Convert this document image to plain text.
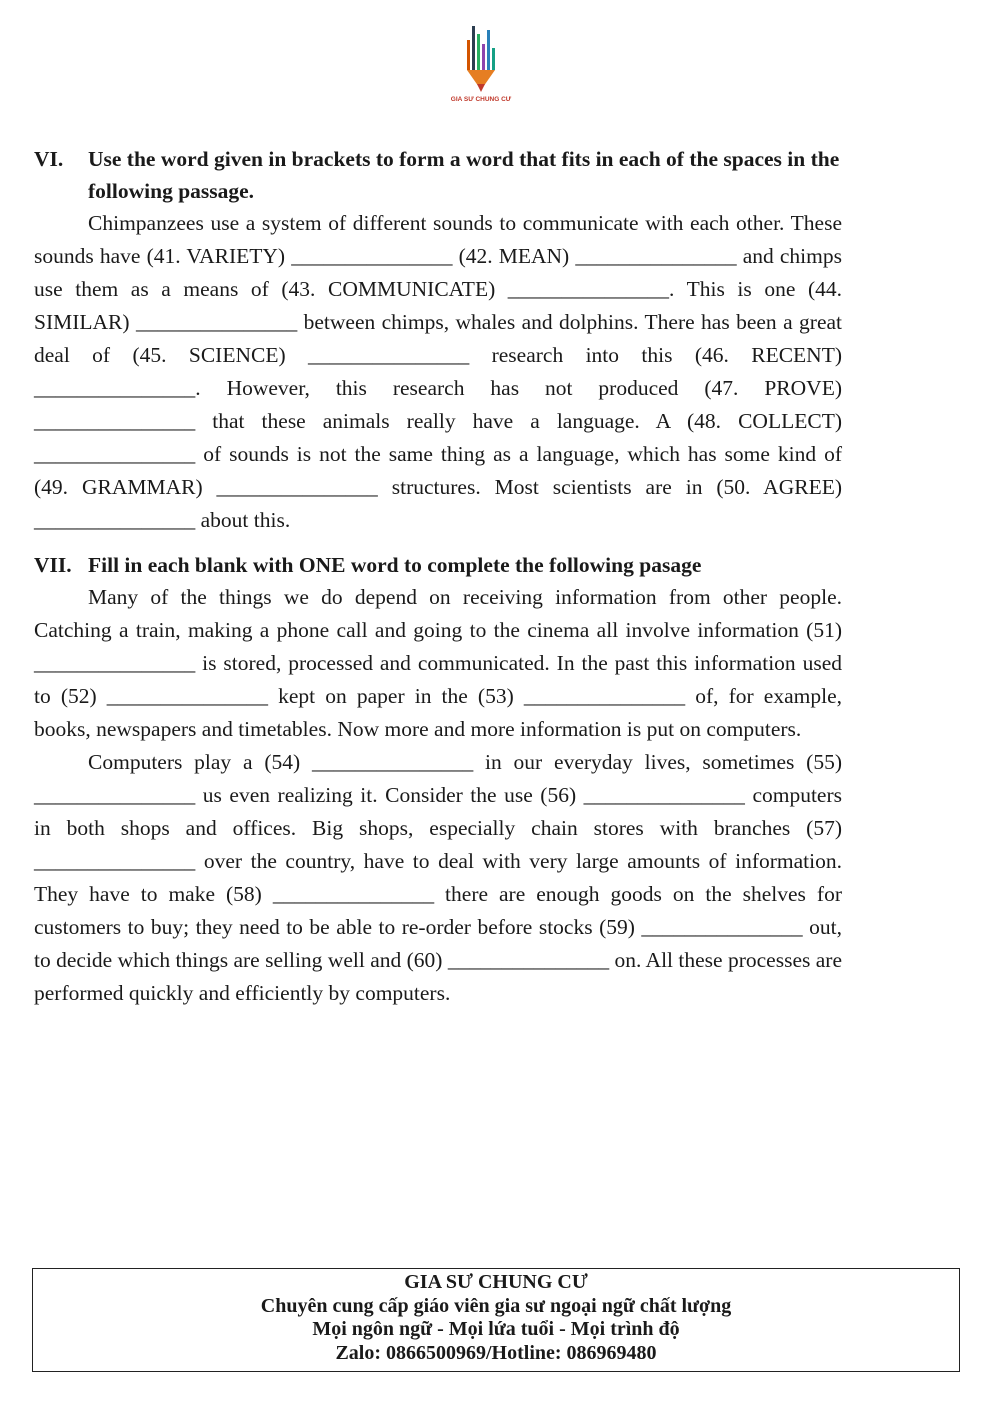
GIA SƯ CHUNG CƯ
VI.	Use the word given in brackets to form a word that fits in each of the spaces in the following passage.

Chimpanzees use a system of different sounds to communicate with each other. These sounds have (41. VARIETY) _______________ (42. MEAN) _______________ and chimps use them as a means of (43. COMMUNICATE) _______________. This is one (44. SIMILAR) _______________ between chimps, whales and dolphins. There has been a great deal of (45. SCIENCE) _______________ research into this (46. RECENT) _______________. However, this research has not produced (47. PROVE) _______________ that these animals really have a language. A (48. COLLECT) _______________ of sounds is not the same thing as a language, which has some kind of (49. GRAMMAR) _______________ structures. Most scientists are in (50. AGREE) _______________ about this.

VII. Fill in each blank with ONE word to complete the following pasage

Many of the things we do depend on receiving information from other people. Catching a train, making a phone call and going to the cinema all involve information (51) _______________ is stored, processed and communicated. In the past this information used to (52) _______________ kept on paper in the (53) _______________ of, for example, books, newspapers and timetables. Now more and more information is put on computers.

Computers play a (54) _______________ in our everyday lives, sometimes (55) _______________ us even realizing it. Consider the use (56) _______________ computers in both shops and offices. Big shops, especially chain stores with branches (57) _______________ over the country, have to deal with very large amounts of information. They have to make (58) _______________ there are enough goods on the shelves for customers to buy; they need to be able to re-order before stocks (59) _______________ out, to decide which things are selling well and (60) _______________ on. All these processes are performed quickly and efficiently by computers.

GIA SƯ CHUNG CƯ
Chuyên cung cấp giáo viên gia sư ngoại ngữ chất lượng
Mọi ngôn ngữ - Mọi lứa tuổi - Mọi trình độ
Zalo: 0866500969/Hotline: 086969480
